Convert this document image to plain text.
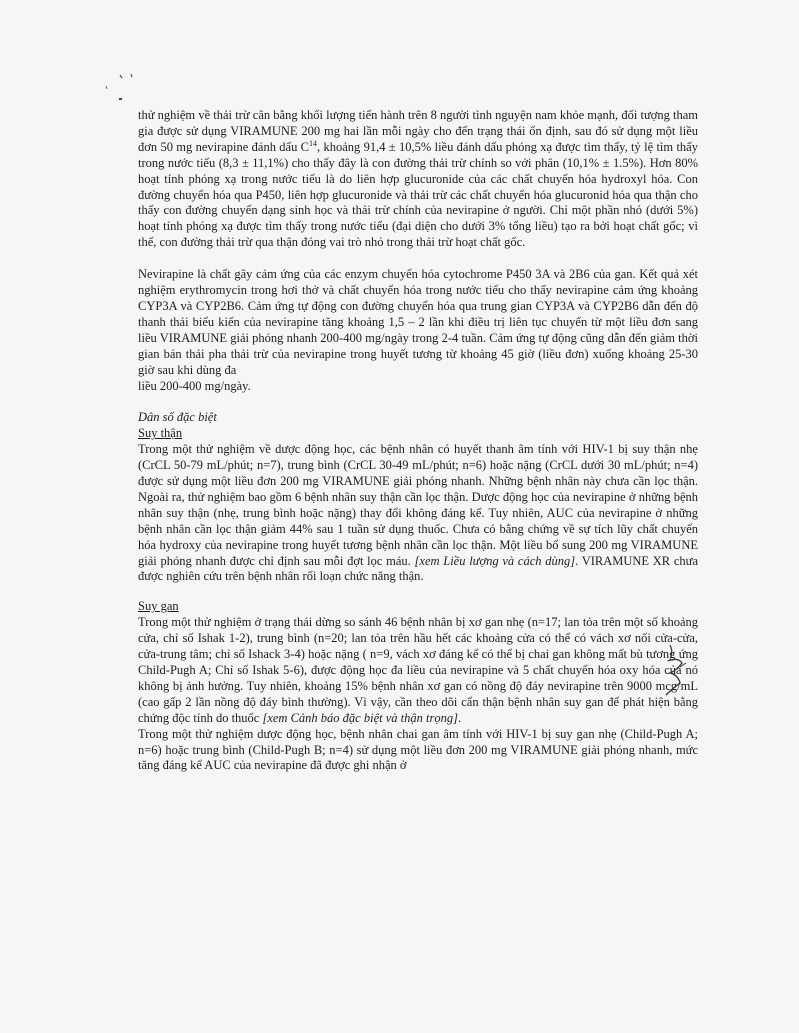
thử nghiệm về thải trừ cân bằng khối lượng tiến hành trên 8 người tình nguyện nam khỏe mạnh, đối tượng tham gia được sử dụng VIRAMUNE 200 mg hai lần mỗi ngày cho đến trạng thái ổn định, sau đó sử dụng một liều đơn 50 mg nevirapine đánh dấu $C^{14}$, khoảng 91,4 ± 10,5% liều đánh dấu phóng xạ được tìm thấy, tỷ lệ tìm thấy trong nước tiểu (8,3 ± 11,1%) cho thấy đây là con đường thải trừ chính so với phân (10,1% ± 1.5%). Hơn 80% hoạt tính phóng xạ trong nước tiểu là do liên hợp glucuronide của các chất chuyển hóa hydroxyl hóa. Con đường chuyển hóa qua P450, liên hợp glucuronide và thải trừ các chất chuyển hóa glucuronid hóa qua thận cho thấy con đường chuyển dạng sinh học và thải trừ chính của nevirapine ở người. Chỉ một phần nhỏ (dưới 5%) hoạt tính phóng xạ được tìm thấy trong nước tiểu (đại diện cho dưới 3% tổng liều) tạo ra bởi hoạt chất gốc; vì thế, con đường thải trừ qua thận đóng vai trò nhỏ trong thải trừ hoạt chất gốc.

Nevirapine là chất gây cảm ứng của các enzym chuyển hóa cytochrome P450 3A và 2B6 của gan. Kết quả xét nghiệm erythromycin trong hơi thở và chất chuyển hóa trong nước tiểu cho thấy nevirapine cảm ứng khoảng CYP3A và CYP2B6. Cảm ứng tự động con đường chuyển hóa qua trung gian CYP3A và CYP2B6 dẫn đến độ thanh thải biểu kiến của nevirapine tăng khoảng 1,5 – 2 lần khi điều trị liên tục chuyển từ một liều đơn sang liều VIRAMUNE giải phóng nhanh 200-400 mg/ngày trong 2-4 tuần. Cảm ứng tự động cũng dẫn đến giảm thời gian bán thải pha thải trừ của nevirapine trong huyết tương từ khoảng 45 giờ (liều đơn) xuống khoảng 25-30 giờ sau khi dùng đa
liều 200-400 mg/ngày.

Dân số đặc biệt

Suy thận

Trong một thử nghiệm về dược động học, các bệnh nhân có huyết thanh âm tính với HIV-1 bị suy thận nhẹ (CrCL 50-79 mL/phút; n=7), trung bình (CrCL 30-49 mL/phút; n=6) hoặc nặng (CrCL dưới 30 mL/phút; n=4) được sử dụng một liều đơn 200 mg VIRAMUNE giải phóng nhanh. Những bệnh nhân này chưa cần lọc thận. Ngoài ra, thử nghiệm bao gồm 6 bệnh nhân suy thận cần lọc thận. Dược động học của nevirapine ở những bệnh nhân suy thận (nhẹ, trung bình hoặc nặng) thay đổi không đáng kể. Tuy nhiên, AUC của nevirapine ở những bệnh nhân cần lọc thận giảm 44% sau 1 tuần sử dụng thuốc. Chưa có bằng chứng về sự tích lũy chất chuyển hóa hydroxy của nevirapine trong huyết tương bệnh nhân cần lọc thận. Một liều bổ sung 200 mg VIRAMUNE giải phóng nhanh được chỉ định sau mỗi đợt lọc máu. [xem Liều lượng và cách dùng]. VIRAMUNE XR chưa được nghiên cứu trên bệnh nhân rối loạn chức năng thận.

Suy gan

Trong một thử nghiệm ở trạng thái dừng so sánh 46 bệnh nhân bị xơ gan nhẹ (n=17; lan tỏa trên một số khoảng cửa, chỉ số Ishak 1-2), trung bình (n=20; lan tỏa trên hầu hết các khoảng cửa có thể có vách xơ nối cửa-cửa, cửa-trung tâm; chỉ số Ishack 3-4) hoặc nặng ( n=9, vách xơ đáng kể có thể bị chai gan không mất bù tương ứng Child-Pugh A; Chỉ số Ishak 5-6), được động học đa liều của nevirapine và 5 chất chuyển hóa oxy hóa của nó không bị ảnh hưởng. Tuy nhiên, khoảng 15% bệnh nhân xơ gan có nồng độ đáy nevirapine trên 9000 mcg/mL (cao gấp 2 lần nồng độ đáy bình thường). Vì vậy, cần theo dõi cẩn thận bệnh nhân suy gan để phát hiện bằng chứng độc tính do thuốc [xem Cảnh báo đặc biệt và thận trọng].

Trong một thử nghiệm dược động học, bệnh nhân chai gan âm tính với HIV-1 bị suy gan nhẹ (Child-Pugh A; n=6) hoặc trung bình (Child-Pugh B; n=4) sử dụng một liều đơn 200 mg VIRAMUNE giải phóng nhanh, mức tăng đáng kể AUC của nevirapine đã được ghi nhận ở
